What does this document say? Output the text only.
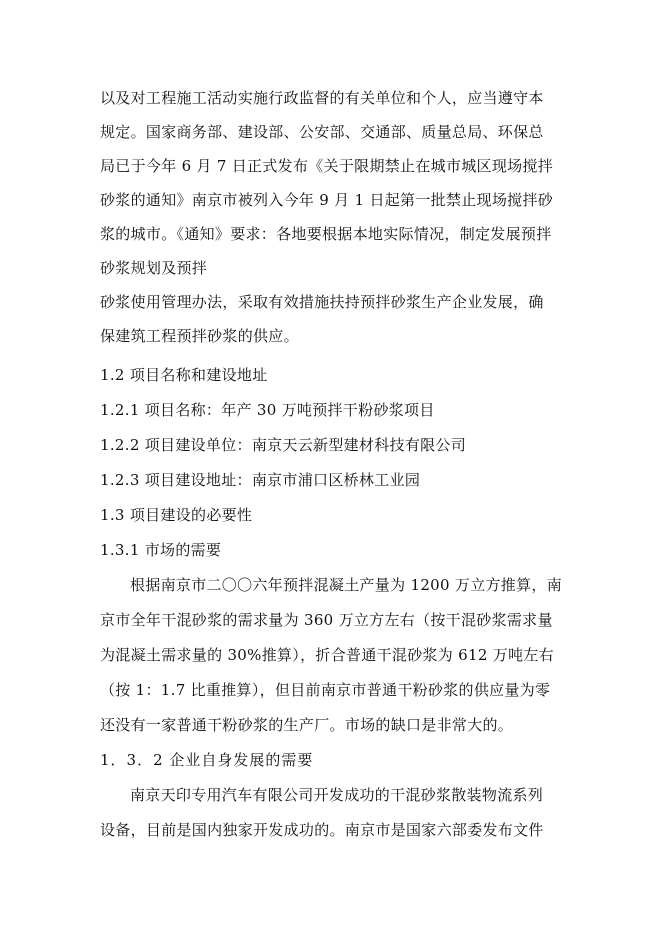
以及对工程施工活动实施行政监督的有关单位和个人，应当遵守本
规定。国家商务部、建设部、公安部、交通部、质量总局、环保总
局已于今年 6 月 7 日正式发布《关于限期禁止在城市城区现场搅拌
砂浆的通知》南京市被列入今年 9 月 1 日起第一批禁止现场搅拌砂
浆的城市。《通知》要求：各地要根据本地实际情况，制定发展预拌
砂浆规划及预拌
砂浆使用管理办法，采取有效措施扶持预拌砂浆生产企业发展，确
保建筑工程预拌砂浆的供应。
1.2 项目名称和建设地址
1.2.1 项目名称：年产 30 万吨预拌干粉砂浆项目
1.2.2 项目建设单位：南京天云新型建材科技有限公司
1.2.3 项目建设地址：南京市浦口区桥林工业园
1.3 项目建设的必要性
1.3.1 市场的需要
根据南京市二〇〇六年预拌混凝土产量为 1200 万立方推算，南
京市全年干混砂浆的需求量为 360 万立方左右（按干混砂浆需求量
为混凝土需求量的 30%推算），折合普通干混砂浆为 612 万吨左右
（按 1：1.7 比重推算），但目前南京市普通干粉砂浆的供应量为零
还没有一家普通干粉砂浆的生产厂。市场的缺口是非常大的。
1．3．2 企业自身发展的需要
南京天印专用汽车有限公司开发成功的干混砂浆散装物流系列
设备，目前是国内独家开发成功的。南京市是国家六部委发布文件
